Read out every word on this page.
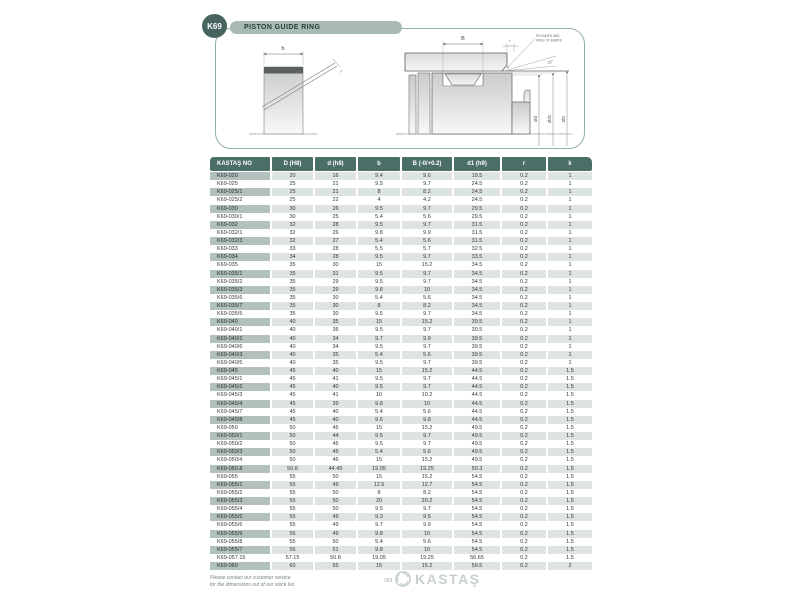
t
b
B	r
ROUNDED AND
FREE OF BURRS
15°
Ød Ød1 ØD
K69	PISTON GUIDE RING
KASTAŞ NO	D (H8)	d (h8)	b	B (-0/+0.2)	d1 (h9)	r	k
K69-020	20	16	9.4	9.6	19.5	0.2	1
K69-025	25	21	9.5	9.7	24.5	0.2	1
K69-025/1	25	21	8	8.2	24.5	0.2	1
K69-025/2	25	22	4	4.2	24.5	0.2	1
K69-030	30	26	9.5	9.7	29.5	0.2	1
K69-030/1	30	25	5.4	5.6	29.5	0.2	1
K69-032	32	28	9.5	9.7	31.5	0.2	1
K69-032/1	32	26	9.8	9.9	31.5	0.2	1
K69-032/3	32	27	5.4	5.6	31.5	0.2	1
K69-033	33	28	5.5	5.7	32.5	0.2	1
K69-034	34	28	9.5	9.7	33.5	0.2	1
K69-035	35	30	15	15.2	34.5	0.2	1
K69-035/1	35	31	9.5	9.7	34.5	0.2	1
K69-035/2	35	29	9.5	9.7	34.5	0.2	1
K69-035/3	35	29	9.8	10	34.5	0.2	1
K69-035/6	35	30	5.4	5.6	34.5	0.2	1
K69-035/7	35	30	8	8.2	34.5	0.2	1
K69-035/5	35	30	9.5	9.7	34.5	0.2	1
K69-040	40	35	15	15.2	39.5	0.2	1
K69-040/1	40	36	9.5	9.7	39.5	0.2	1
K69-040/2	40	34	9.7	9.9	39.5	0.2	1
K69-040/6	40	34	9.5	9.7	39.5	0.2	1
K69-040/3	40	35	5.4	5.6	39.5	0.2	1
K69-040/5	40	35	9.5	9.7	39.5	0.2	1
K69-045	45	40	15	15.2	44.5	0.2	1.5
K69-045/1	45	41	9.5	9.7	44.5	0.2	1.5
K69-045/2	45	40	9.5	9.7	44.5	0.2	1.5
K69-045/3	45	41	10	10.2	44.5	0.2	1.5
K69-045/4	45	39	9.8	10	44.5	0.2	1.5
K69-045/7	45	40	5.4	5.6	44.5	0.2	1.5
K69-045/8	45	40	9.6	9.8	44.5	0.2	1.5
K69-050	50	45	15	15.2	49.5	0.2	1.5
K69-050/1	50	44	9.5	9.7	49.5	0.2	1.5
K69-050/2	50	45	9.5	9.7	49.5	0.2	1.5
K69-050/3	50	45	5.4	5.6	49.5	0.2	1.5
K69-050/4	50	46	15	15.2	49.5	0.2	1.5
K69-050.8	50.8	44.45	19.05	19.25	50.3	0.2	1.5
K69-055	55	50	15	15.2	54.5	0.2	1.5
K69-055/1	55	49	12.5	12.7	54.5	0.2	1.5
K69-055/2	55	50	8	8.2	54.5	0.2	1.5
K69-055/3	55	50	20	20.2	54.5	0.2	1.5
K69-055/4	55	50	9.5	9.7	54.5	0.2	1.5
K69-055/5	55	49	9.3	9.5	54.5	0.2	1.5
K69-055/6	55	49	9.7	9.9	54.5	0.2	1.5
K69-055/9	55	49	9.8	10	54.5	0.2	1.5
K69-055/8	55	50	5.4	5.6	54.5	0.2	1.5
K69-055/7	55	51	9.8	10	54.5	0.2	1.5
K69-057.15	57.15	50.8	19.05	19.25	56.65	0.2	1.5
K69-060	60	55	15	15.2	59.5	0.2	2
Please contact our customer service
for the dimensions out of our stock list.
263 KASTAŞ
